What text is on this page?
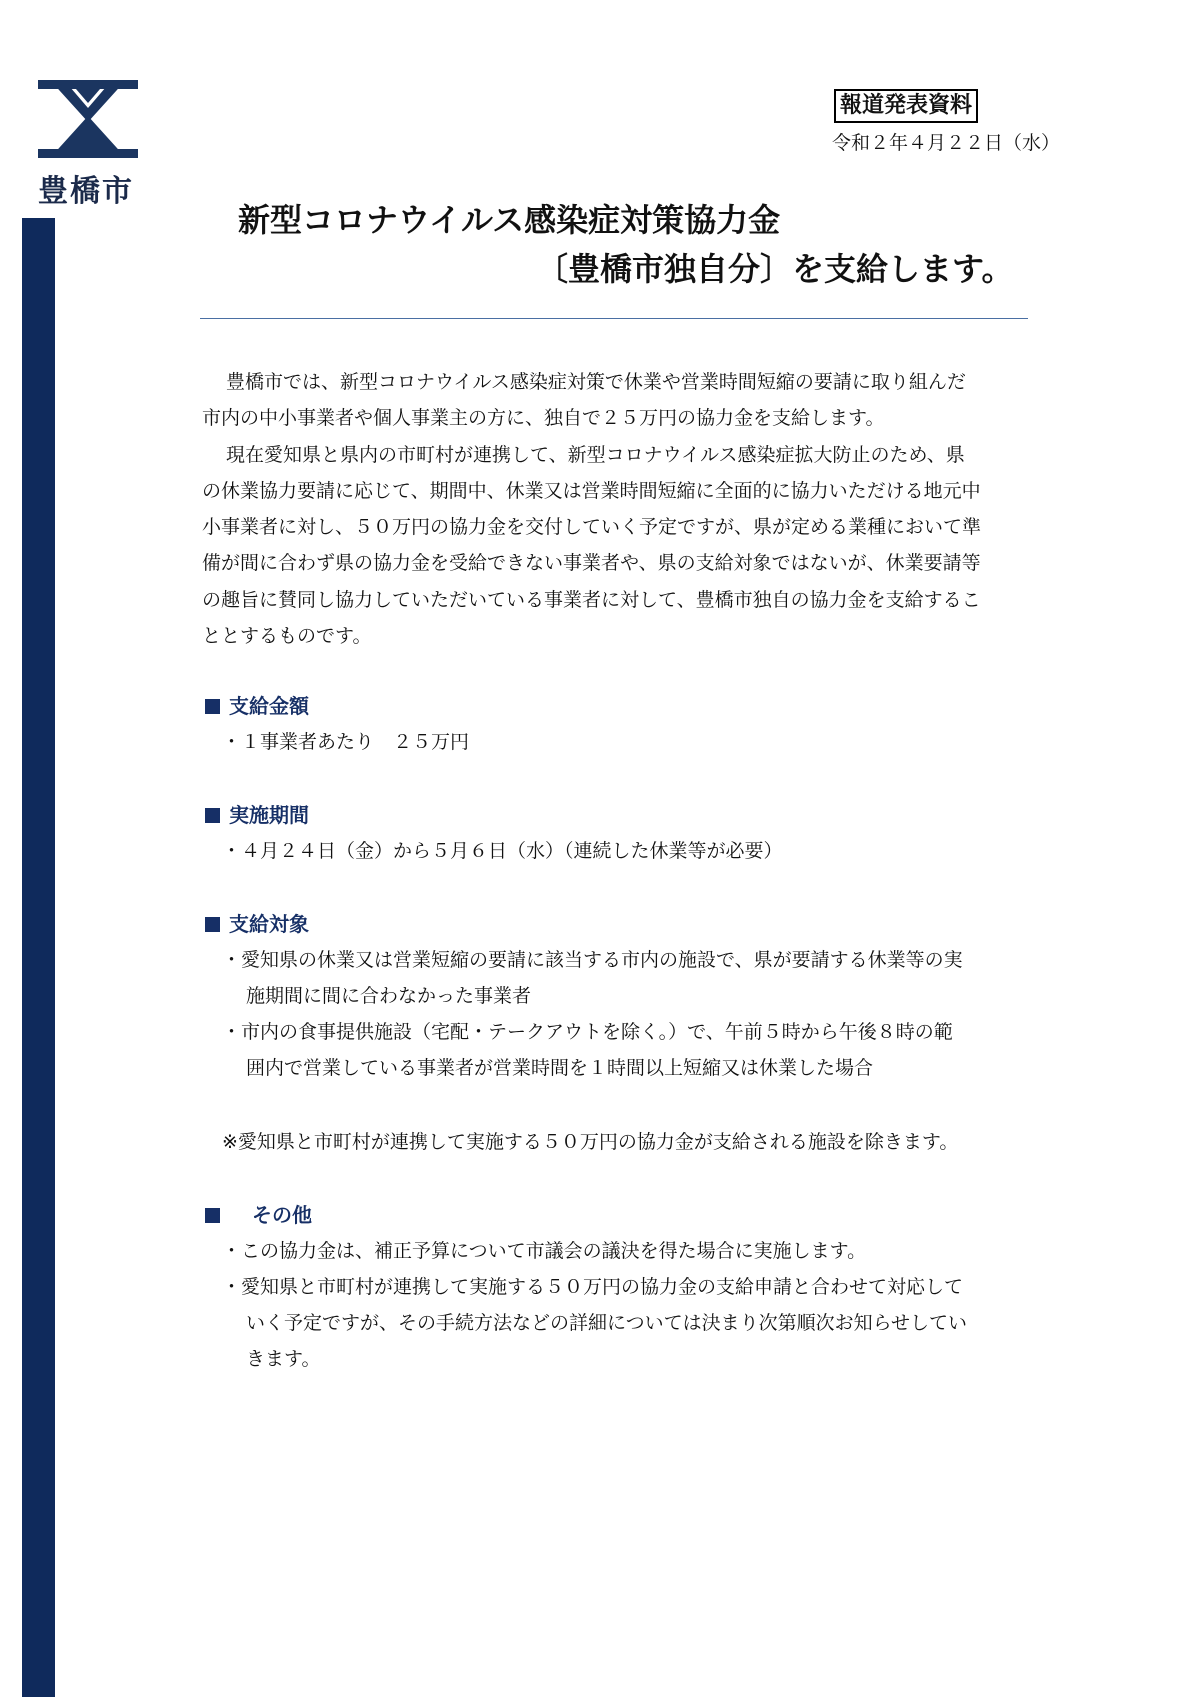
豊橋市
報道発表資料
令和２年４月２２日（水）
新型コロナウイルス感染症対策協力金
〔豊橋市独自分〕を支給します。

豊橋市では、新型コロナウイルス感染症対策で休業や営業時間短縮の要請に取り組んだ

市内の中小事業者や個人事業主の方に、独自で２５万円の協力金を支給します。

現在愛知県と県内の市町村が連携して、新型コロナウイルス感染症拡大防止のため、県

の休業協力要請に応じて、期間中、休業又は営業時間短縮に全面的に協力いただける地元中

小事業者に対し、５０万円の協力金を交付していく予定ですが、県が定める業種において準

備が間に合わず県の協力金を受給できない事業者や、県の支給対象ではないが、休業要請等

の趣旨に賛同し協力していただいている事業者に対して、豊橋市独自の協力金を支給するこ

ととするものです。

支給金額
・１事業者あたり　２５万円
実施期間
・４月２４日（金）から５月６日（水）（連続した休業等が必要）
支給対象
・愛知県の休業又は営業短縮の要請に該当する市内の施設で、県が要請する休業等の実
施期間に間に合わなかった事業者
・市内の食事提供施設（宅配・テークアウトを除く。）で、午前５時から午後８時の範
囲内で営業している事業者が営業時間を１時間以上短縮又は休業した場合
※愛知県と市町村が連携して実施する５０万円の協力金が支給される施設を除きます。
その他
・この協力金は、補正予算について市議会の議決を得た場合に実施します。
・愛知県と市町村が連携して実施する５０万円の協力金の支給申請と合わせて対応して
いく予定ですが、その手続方法などの詳細については決まり次第順次お知らせしてい
きます。
